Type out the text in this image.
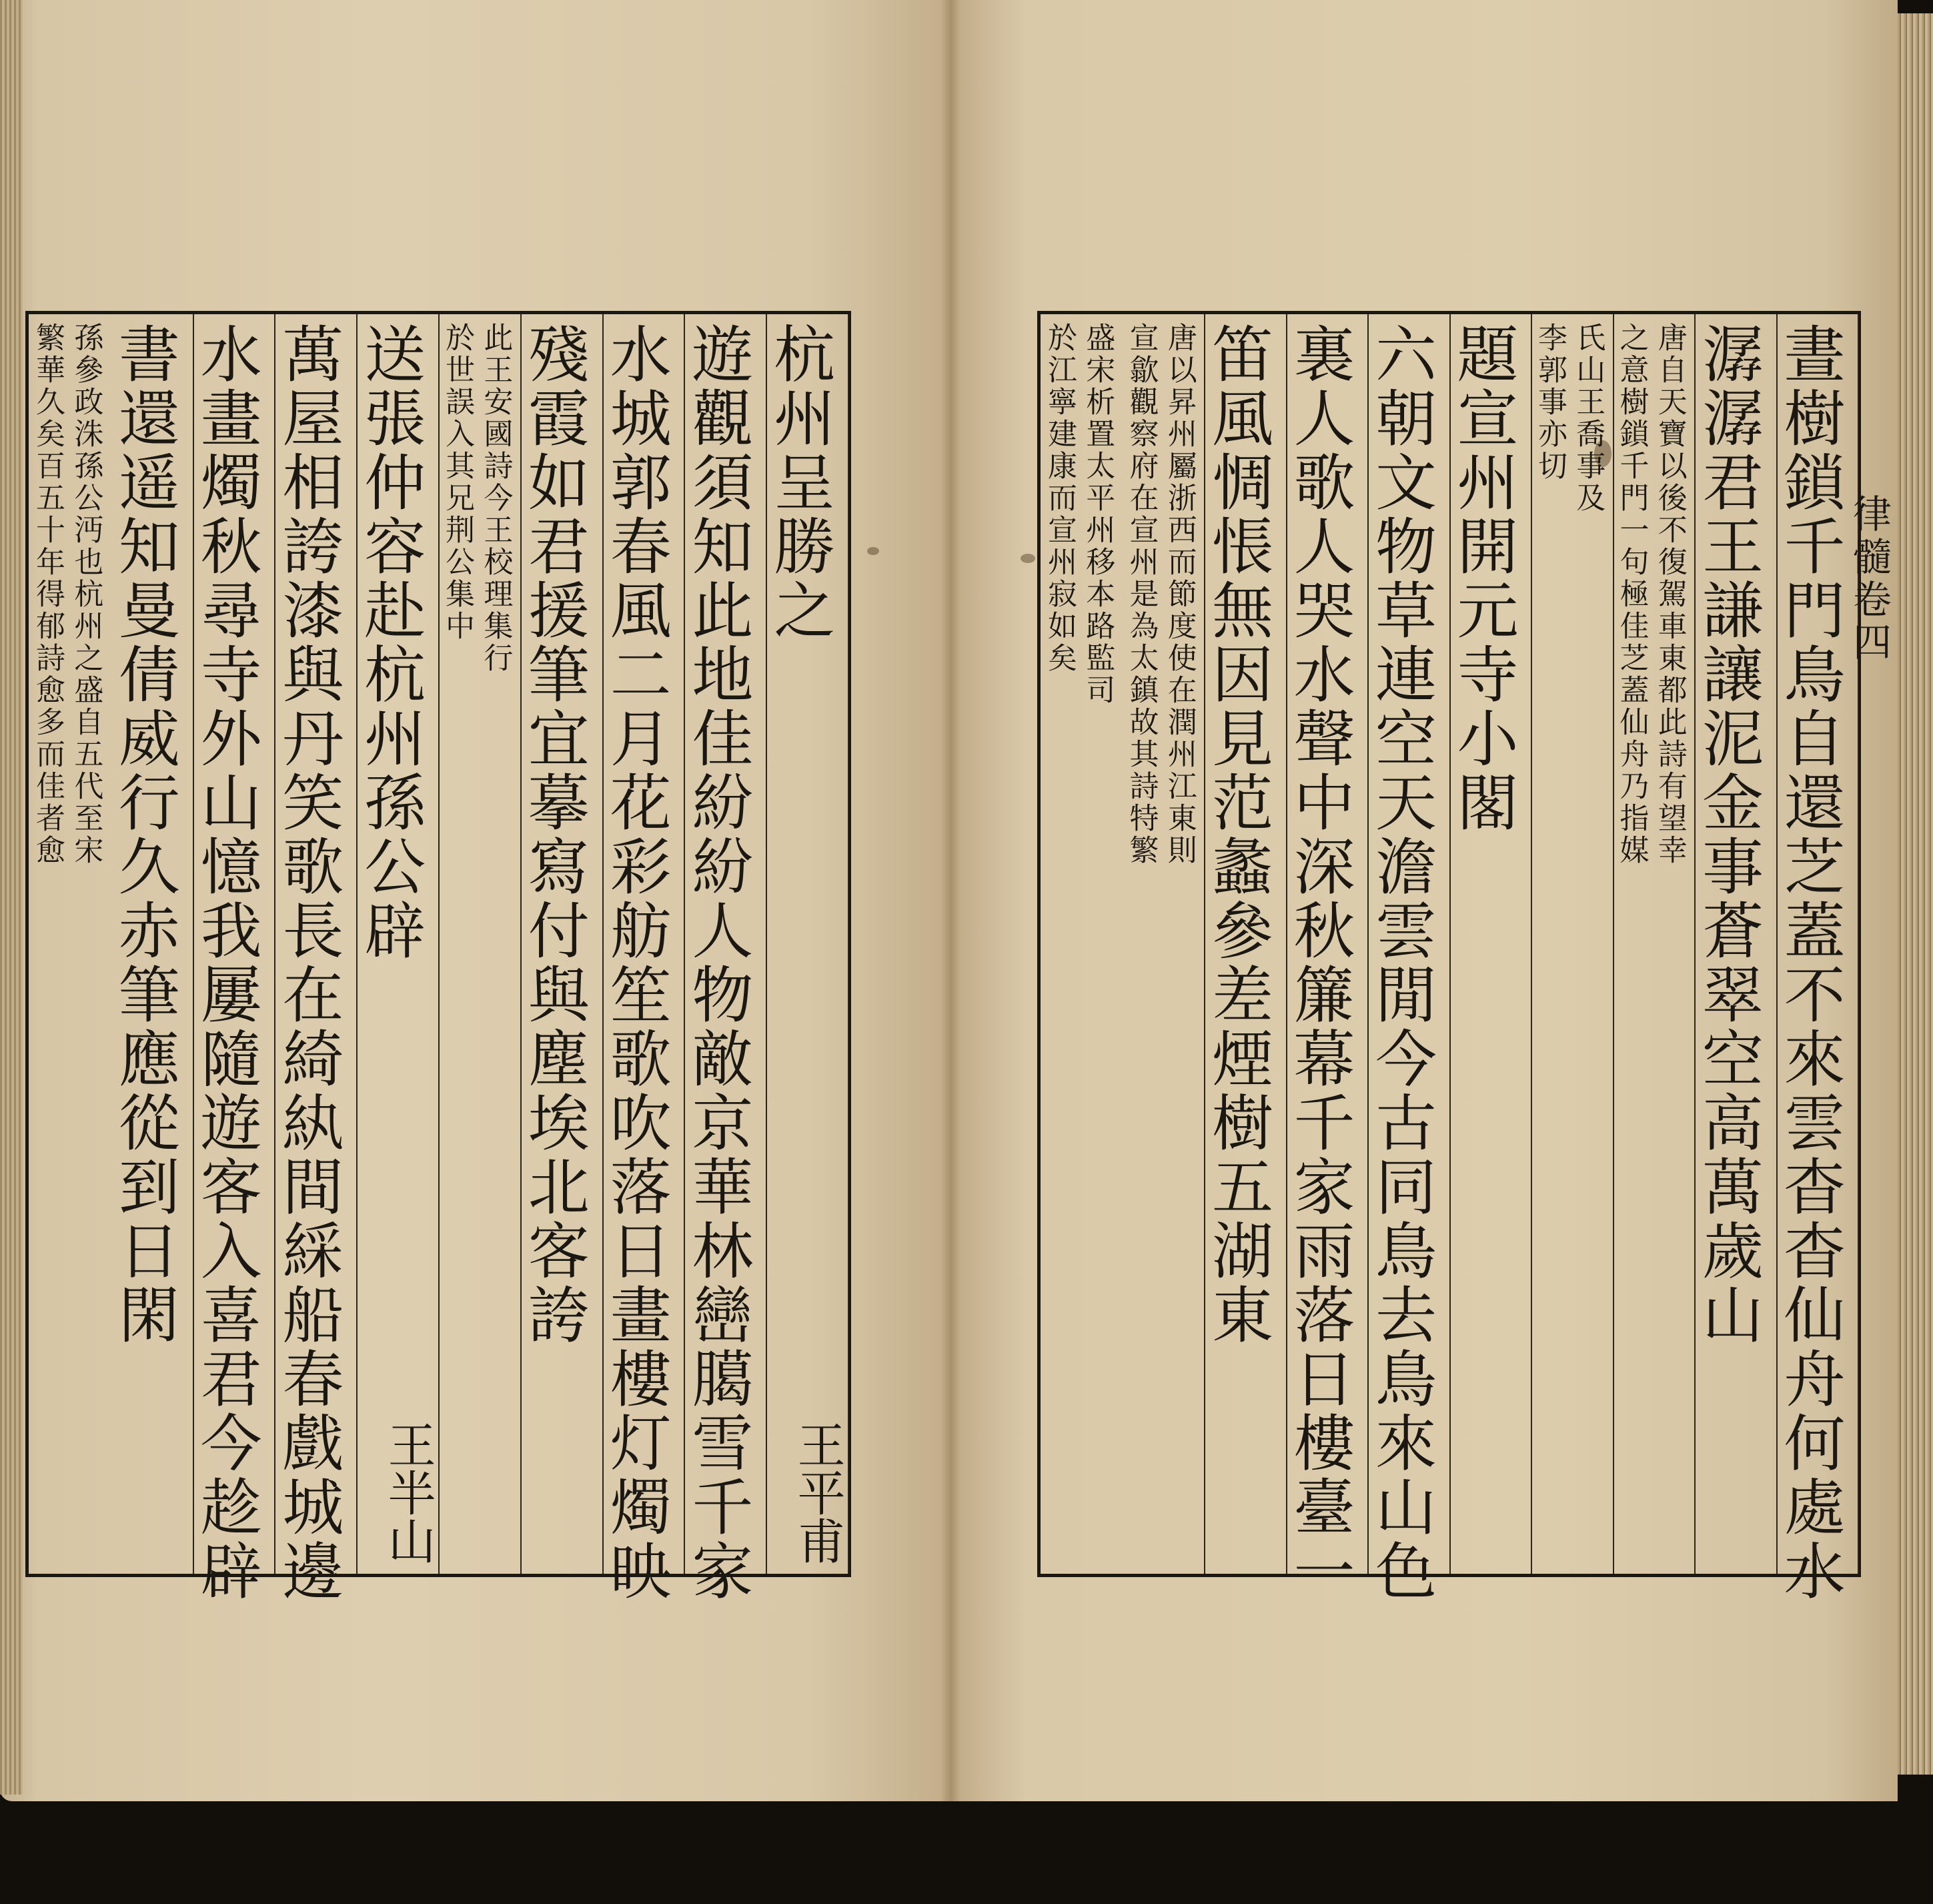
晝樹鎖千門鳥自還芝蓋不來雲杳杳仙舟何處水
潺潺君王謙讓泥金事蒼翠空高萬歲山
唐自天寶以後不復駕車東都此詩有望幸
之意樹鎖千門一句極佳芝蓋仙舟乃指媒
氏山王喬事及
李郭事亦切
題宣州開元寺小閣
六朝文物草連空天澹雲閒今古同鳥去鳥來山色
裏人歌人哭水聲中深秋簾幕千家雨落日樓臺一
笛風惆悵無因見范蠡參差煙樹五湖東
唐以昇州屬浙西而節度使在潤州江東則
宣歙觀察府在宣州是為太鎮故其詩特繁
盛宋析置太平州移本路監司
於江寧建康而宣州寂如矣	律髓卷四
杭州呈勝之
王平甫
遊觀須知此地佳紛紛人物敵京華林巒臈雪千家
水城郭春風二月花彩舫笙歌吹落日畫樓灯燭映
殘霞如君援筆宜摹寫付與塵埃北客誇
此王安國詩今王校理集行
於世誤入其兄荆公集中
送張仲容赴杭州孫公辟
王半山
萬屋相誇漆與丹笑歌長在綺紈間綵船春戲城邊
水畫燭秋尋寺外山憶我屢隨遊客入喜君今趁辟
書還遥知曼倩威行久赤筆應從到日閑
孫參政洙孫公沔也杭州之盛自五代至宋
繁華久矣百五十年得郁詩愈多而佳者愈
